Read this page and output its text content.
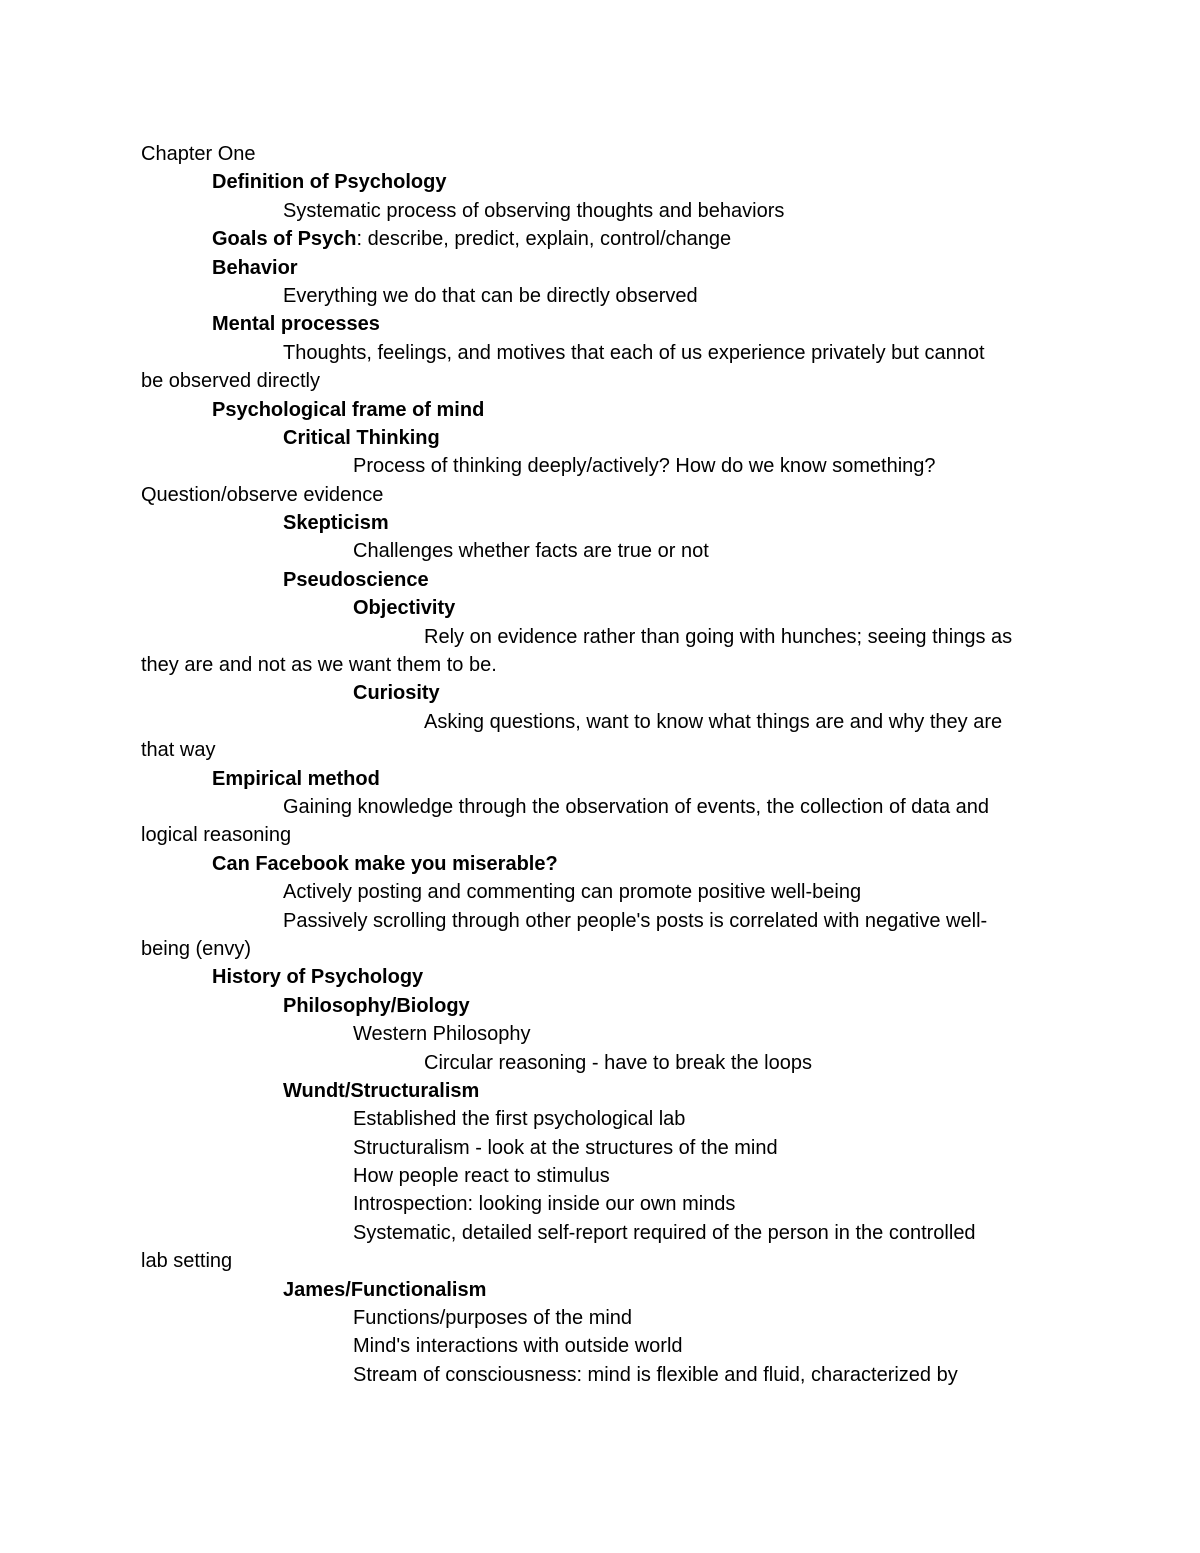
Chapter One
Definition of Psychology
Systematic process of observing thoughts and behaviors
Goals of Psych: describe, predict, explain, control/change
Behavior
Everything we do that can be directly observed
Mental processes
Thoughts, feelings, and motives that each of us experience privately but cannot
be observed directly
Psychological frame of mind
Critical Thinking
Process of thinking deeply/actively? How do we know something?
Question/observe evidence
Skepticism
Challenges whether facts are true or not
Pseudoscience
Objectivity
Rely on evidence rather than going with hunches; seeing things as
they are and not as we want them to be.
Curiosity
Asking questions, want to know what things are and why they are
that way
Empirical method
Gaining knowledge through the observation of events, the collection of data and
logical reasoning
Can Facebook make you miserable?
Actively posting and commenting can promote positive well-being
Passively scrolling through other people's posts is correlated with negative well-
being (envy)
History of Psychology
Philosophy/Biology
Western Philosophy
Circular reasoning - have to break the loops
Wundt/Structuralism
Established the first psychological lab
Structuralism - look at the structures of the mind
How people react to stimulus
Introspection: looking inside our own minds
Systematic, detailed self-report required of the person in the controlled
lab setting
James/Functionalism
Functions/purposes of the mind
Mind's interactions with outside world
Stream of consciousness: mind is flexible and fluid, characterized by
